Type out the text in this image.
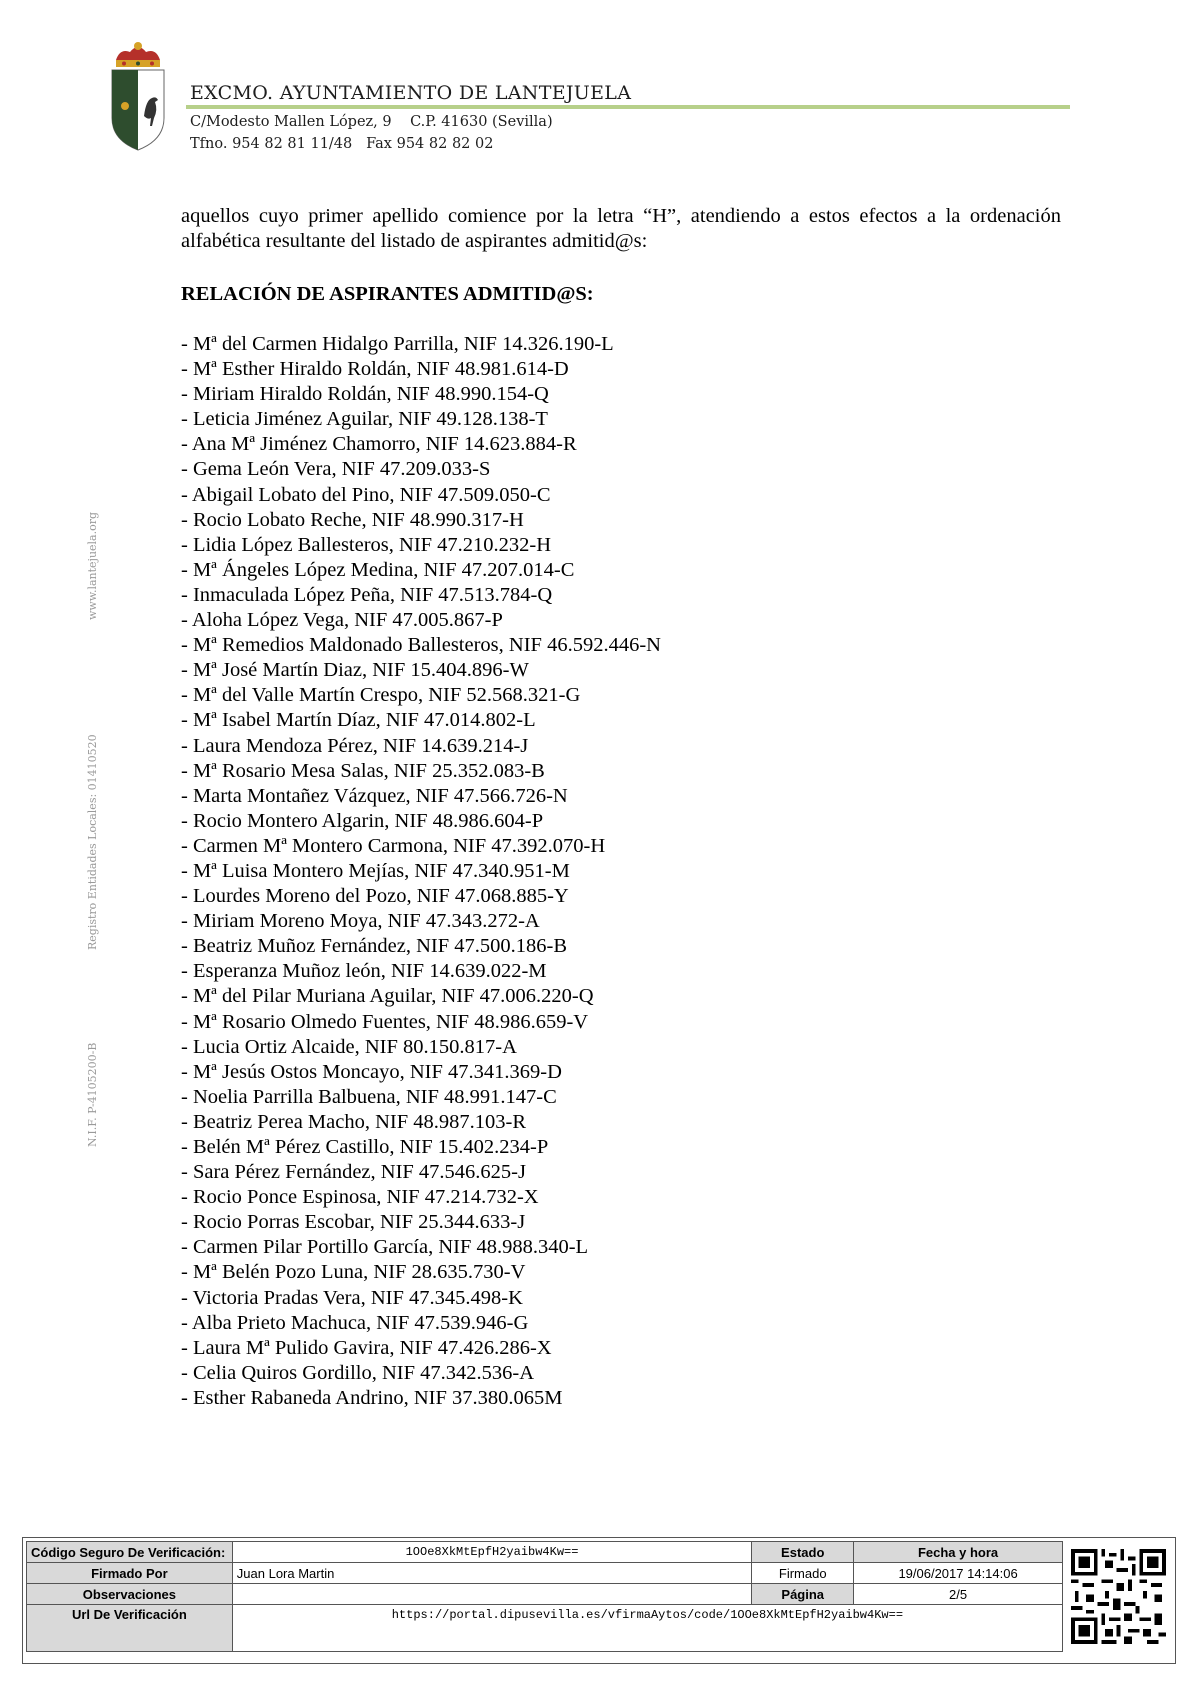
EXCMO. AYUNTAMIENTO DE LANTEJUELA
C/Modesto Mallen López, 9    C.P. 41630 (Sevilla)
Tfno. 954 82 81 11/48   Fax 954 82 82 02
www.lantejuela.org
Registro Entidades Locales: 01410520
N.I.F. P-4105200-B

aquellos cuyo primer apellido comience por la letra “H”, atendiendo a estos efectos a la ordenación alfabética resultante del listado de aspirantes admitid@s:

RELACIÓN DE ASPIRANTES ADMITID@S:
- Mª del Carmen Hidalgo Parrilla, NIF 14.326.190-L
- Mª Esther Hiraldo Roldán, NIF 48.981.614-D
- Miriam Hiraldo Roldán, NIF 48.990.154-Q
- Leticia Jiménez Aguilar, NIF 49.128.138-T
- Ana Mª Jiménez Chamorro, NIF 14.623.884-R
- Gema León Vera, NIF 47.209.033-S
- Abigail Lobato del Pino, NIF 47.509.050-C
- Rocio Lobato Reche, NIF 48.990.317-H
- Lidia López Ballesteros, NIF 47.210.232-H
- Mª Ángeles López Medina, NIF 47.207.014-C
- Inmaculada López Peña, NIF 47.513.784-Q
- Aloha López Vega, NIF 47.005.867-P
- Mª Remedios Maldonado Ballesteros, NIF 46.592.446-N
- Mª José Martín Diaz, NIF 15.404.896-W
- Mª del Valle Martín Crespo, NIF 52.568.321-G
- Mª Isabel Martín Díaz, NIF 47.014.802-L
- Laura Mendoza Pérez, NIF 14.639.214-J
- Mª Rosario Mesa Salas, NIF 25.352.083-B
- Marta Montañez Vázquez, NIF 47.566.726-N
- Rocio Montero Algarin, NIF 48.986.604-P
- Carmen Mª Montero Carmona, NIF 47.392.070-H
- Mª Luisa Montero Mejías, NIF 47.340.951-M
- Lourdes Moreno del Pozo, NIF 47.068.885-Y
- Miriam Moreno Moya, NIF 47.343.272-A
- Beatriz Muñoz Fernández, NIF 47.500.186-B
- Esperanza Muñoz león, NIF 14.639.022-M
- Mª del Pilar Muriana Aguilar, NIF 47.006.220-Q
- Mª Rosario Olmedo Fuentes, NIF 48.986.659-V
- Lucia Ortiz Alcaide, NIF 80.150.817-A
- Mª Jesús Ostos Moncayo, NIF 47.341.369-D
- Noelia Parrilla Balbuena, NIF 48.991.147-C
- Beatriz Perea Macho, NIF 48.987.103-R
- Belén Mª Pérez Castillo, NIF 15.402.234-P
- Sara Pérez Fernández, NIF 47.546.625-J
- Rocio Ponce Espinosa, NIF 47.214.732-X
- Rocio Porras Escobar, NIF 25.344.633-J
- Carmen Pilar Portillo García, NIF 48.988.340-L
- Mª Belén Pozo Luna, NIF 28.635.730-V
- Victoria Pradas Vera, NIF 47.345.498-K
- Alba Prieto Machuca, NIF 47.539.946-G
- Laura Mª Pulido Gavira, NIF 47.426.286-X
- Celia Quiros Gordillo, NIF 47.342.536-A
- Esther Rabaneda Andrino, NIF 37.380.065M
Código Seguro De Verificación:	1OOe8XkMtEpfH2yaibw4Kw==	Estado	Fecha y hora
Firmado Por	Juan Lora Martin	Firmado	19/06/2017 14:14:06
Observaciones		Página	2/5
Url De Verificación	https://portal.dipusevilla.es/vfirmaAytos/code/1OOe8XkMtEpfH2yaibw4Kw==		
